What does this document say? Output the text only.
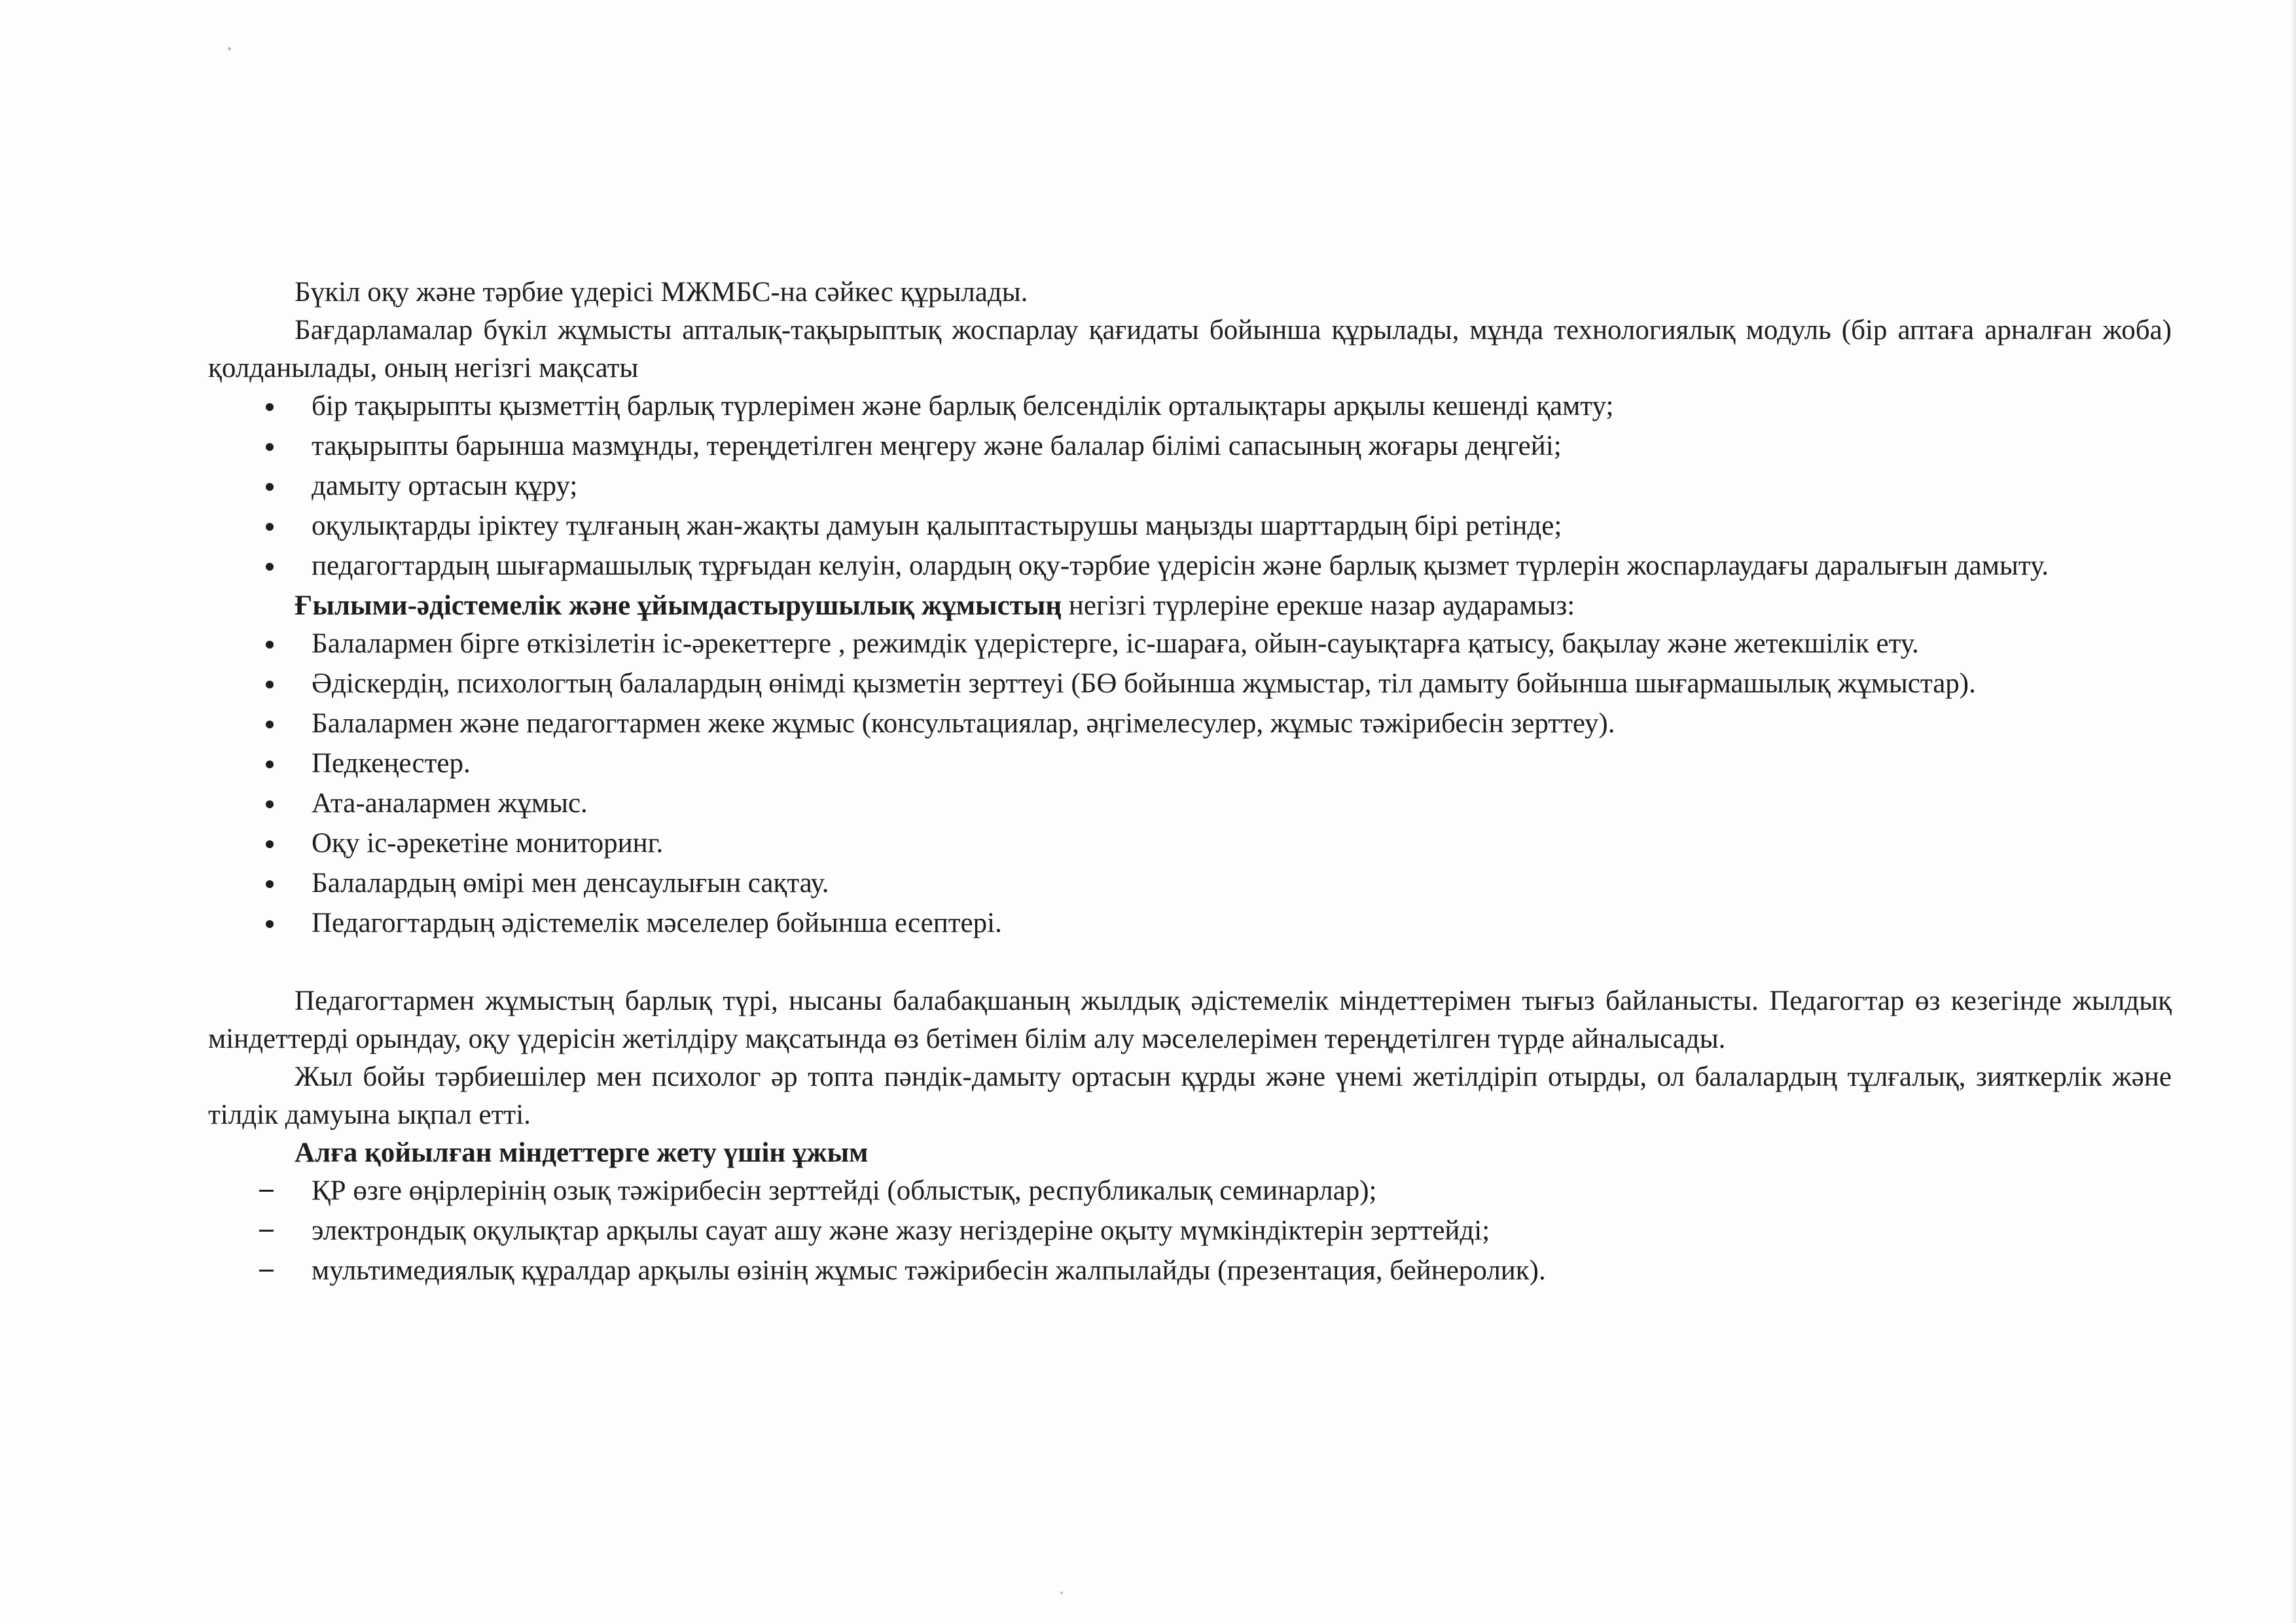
Бүкіл оқу және тәрбие үдерісі МЖМБС-на сәйкес құрылады.

Бағдарламалар бүкіл жұмысты апталық-тақырыптық жоспарлау қағидаты бойынша құрылады, мұнда технологиялық модуль (бір аптаға арналған жоба) қолданылады, оның негізгі мақсаты

бір тақырыпты қызметтің барлық түрлерімен және барлық белсенділік орталықтары арқылы кешенді қамту;
тақырыпты барынша мазмұнды, тереңдетілген меңгеру және балалар білімі сапасының жоғары деңгейі;
дамыту ортасын құру;
оқулықтарды іріктеу тұлғаның жан-жақты дамуын қалыптастырушы маңызды шарттардың бірі ретінде;
педагогтардың шығармашылық тұрғыдан келуін, олардың оқу-тәрбие үдерісін және барлық қызмет түрлерін жоспарлаудағы даралығын дамыту.

Ғылыми-әдістемелік және ұйымдастырушылық жұмыстың негізгі түрлеріне ерекше назар аударамыз:

Балалармен бірге өткізілетін іс-әрекеттерге , режимдік үдерістерге, іс-шараға, ойын-сауықтарға қатысу, бақылау және жетекшілік ету.
Әдіскердің, психологтың балалардың өнімді қызметін зерттеуі (БӨ бойынша жұмыстар, тіл дамыту бойынша шығармашылық жұмыстар).
Балалармен және педагогтармен жеке жұмыс (консультациялар, әңгімелесулер, жұмыс тәжірибесін зерттеу).
Педкеңестер.
Ата-аналармен жұмыс.
Оқу іс-әрекетіне мониторинг.
Балалардың өмірі мен денсаулығын сақтау.
Педагогтардың әдістемелік мәселелер бойынша есептері.

Педагогтармен жұмыстың барлық түрі, нысаны балабақшаның жылдық әдістемелік міндеттерімен тығыз байланысты. Педагогтар өз кезегінде жылдық міндеттерді орындау, оқу үдерісін жетілдіру мақсатында өз бетімен білім алу мәселелерімен тереңдетілген түрде айналысады.

Жыл бойы тәрбиешілер мен психолог әр топта пәндік-дамыту ортасын құрды және үнемі жетілдіріп отырды, ол балалардың тұлғалық, зияткерлік және тілдік дамуына ықпал етті.

Алға қойылған міндеттерге жету үшін ұжым

ҚР өзге өңірлерінің озық тәжірибесін зерттейді (облыстық, республикалық семинарлар);
электрондық оқулықтар арқылы сауат ашу және жазу негіздеріне оқыту мүмкіндіктерін зерттейді;
мультимедиялық құралдар арқылы өзінің жұмыс тәжірибесін жалпылайды (презентация, бейнеролик).
